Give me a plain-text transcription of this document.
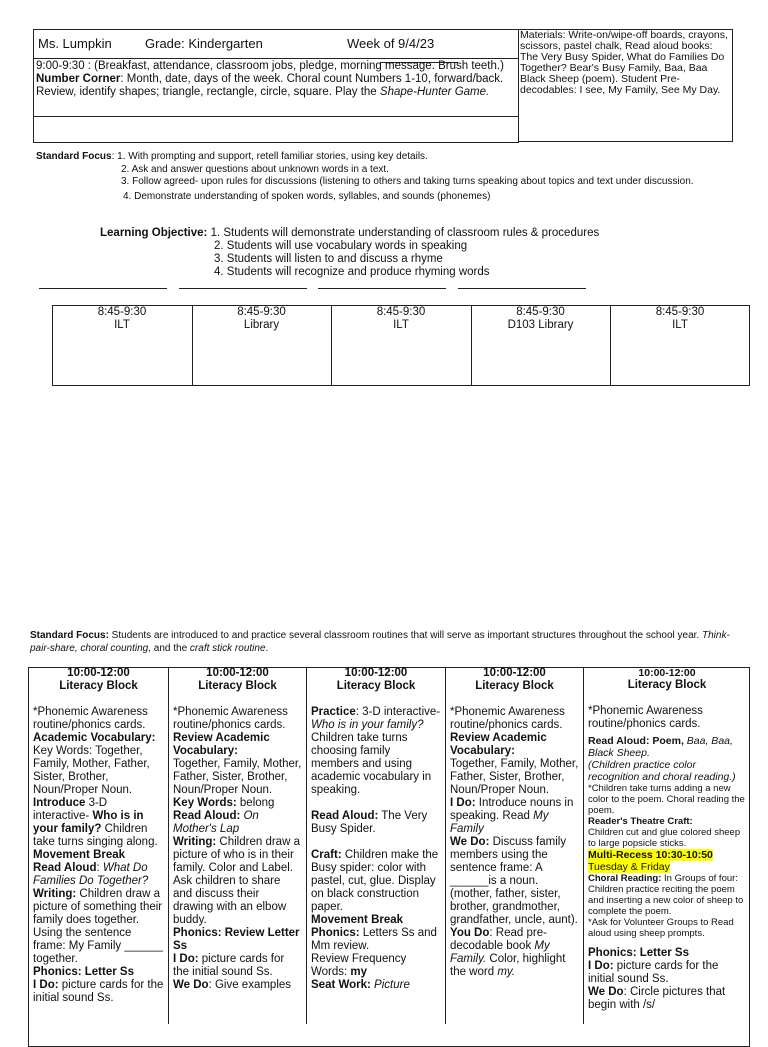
Ms. Lumpkin	Grade: Kindergarten	Week of 9/4/23
9:00-9:30 : (Breakfast, attendance, classroom jobs, pledge, morning message. Brush teeth.)
Number Corner: Month, date, days of the week. Choral count Numbers 1-10, forward/back. Review, identify shapes; triangle, rectangle, circle, square. Play the Shape-Hunter Game.
Materials: Write-on/wipe-off boards, crayons, scissors, pastel chalk, Read aloud books: The Very Busy Spider, What do Families Do Together? Bear's Busy Family, Baa, Baa Black Sheep (poem). Student Pre-decodables: I see, My Family, See My Day.
Standard Focus: 1. With prompting and support, retell familiar stories, using key details.
2. Ask and answer questions about unknown words in a text.
3. Follow agreed- upon rules for discussions (listening to others and taking turns speaking about topics and text under discussion.
4. Demonstrate understanding of spoken words, syllables, and sounds (phonemes)
Learning Objective: 1. Students will demonstrate understanding of classroom rules & procedures
2. Students will use vocabulary words in speaking
3. Students will listen to and discuss a rhyme
4. Students will recognize and produce rhyming words
8:45-9:30
ILT
8:45-9:30
Library
8:45-9:30
ILT
8:45-9:30
D103 Library
8:45-9:30
ILT
Standard Focus: Students are introduced to and practice several classroom routines that will serve as important structures throughout the school year. Think-pair-share, choral counting, and the craft stick routine.
10:00-12:00
Literacy Block

*Phonemic Awareness routine/phonics cards.

Academic Vocabulary:

Key Words: Together, Family, Mother, Father, Sister, Brother, Noun/Proper Noun.

Introduce 3-D interactive- Who is in your family? Children take turns singing along.

Movement Break

Read Aloud: What Do Families Do Together?

Writing: Children draw a picture of something their family does together. Using the sentence frame: My Family ______ together.

Phonics: Letter Ss

I Do: picture cards for the initial sound Ss.

10:00-12:00
Literacy Block

*Phonemic Awareness routine/phonics cards.

Review Academic Vocabulary:

Together, Family, Mother, Father, Sister, Brother, Noun/Proper Noun.

Key Words: belong

Read Aloud: On Mother's Lap

Writing: Children draw a picture of who is in their family. Color and Label. Ask children to share and discuss their drawing with an elbow buddy.

Phonics: Review Letter Ss

I Do: picture cards for the initial sound Ss.

We Do: Give examples

10:00-12:00
Literacy Block

Practice: 3-D interactive- Who is in your family? Children take turns choosing family members and using academic vocabulary in speaking.

Read Aloud: The Very Busy Spider.

Craft: Children make the Busy spider: color with pastel, cut, glue. Display on black construction paper.

Movement Break

Phonics: Letters Ss and Mm review.

Review Frequency Words: my

Seat Work: Picture

10:00-12:00
Literacy Block

*Phonemic Awareness routine/phonics cards.

Review Academic Vocabulary:

Together, Family, Mother, Father, Sister, Brother, Noun/Proper Noun.

I Do: Introduce nouns in speaking. Read My Family

We Do: Discuss family members using the sentence frame: A ______is a noun. (mother, father, sister, brother, grandmother, grandfather, uncle, aunt).

You Do: Read pre-decodable book My Family. Color, highlight the word my.

10:00-12:00
Literacy Block

*Phonemic Awareness routine/phonics cards.

Read Aloud: Poem, Baa, Baa, Black Sheep.

(Children practice color recognition and choral reading.)

*Children take turns adding a new color to the poem. Choral reading the poem.

Reader's Theatre Craft:

Children cut and glue colored sheep to large popsicle sticks.

Multi-Recess 10:30-10:50

Tuesday & Friday

Choral Reading: In Groups of four: Children practice reciting the poem and inserting a new color of sheep to complete the poem.

*Ask for Volunteer Groups to Read aloud using sheep prompts.

Phonics: Letter Ss

I Do: picture cards for the initial sound Ss.

We Do: Circle pictures that begin with /s/
